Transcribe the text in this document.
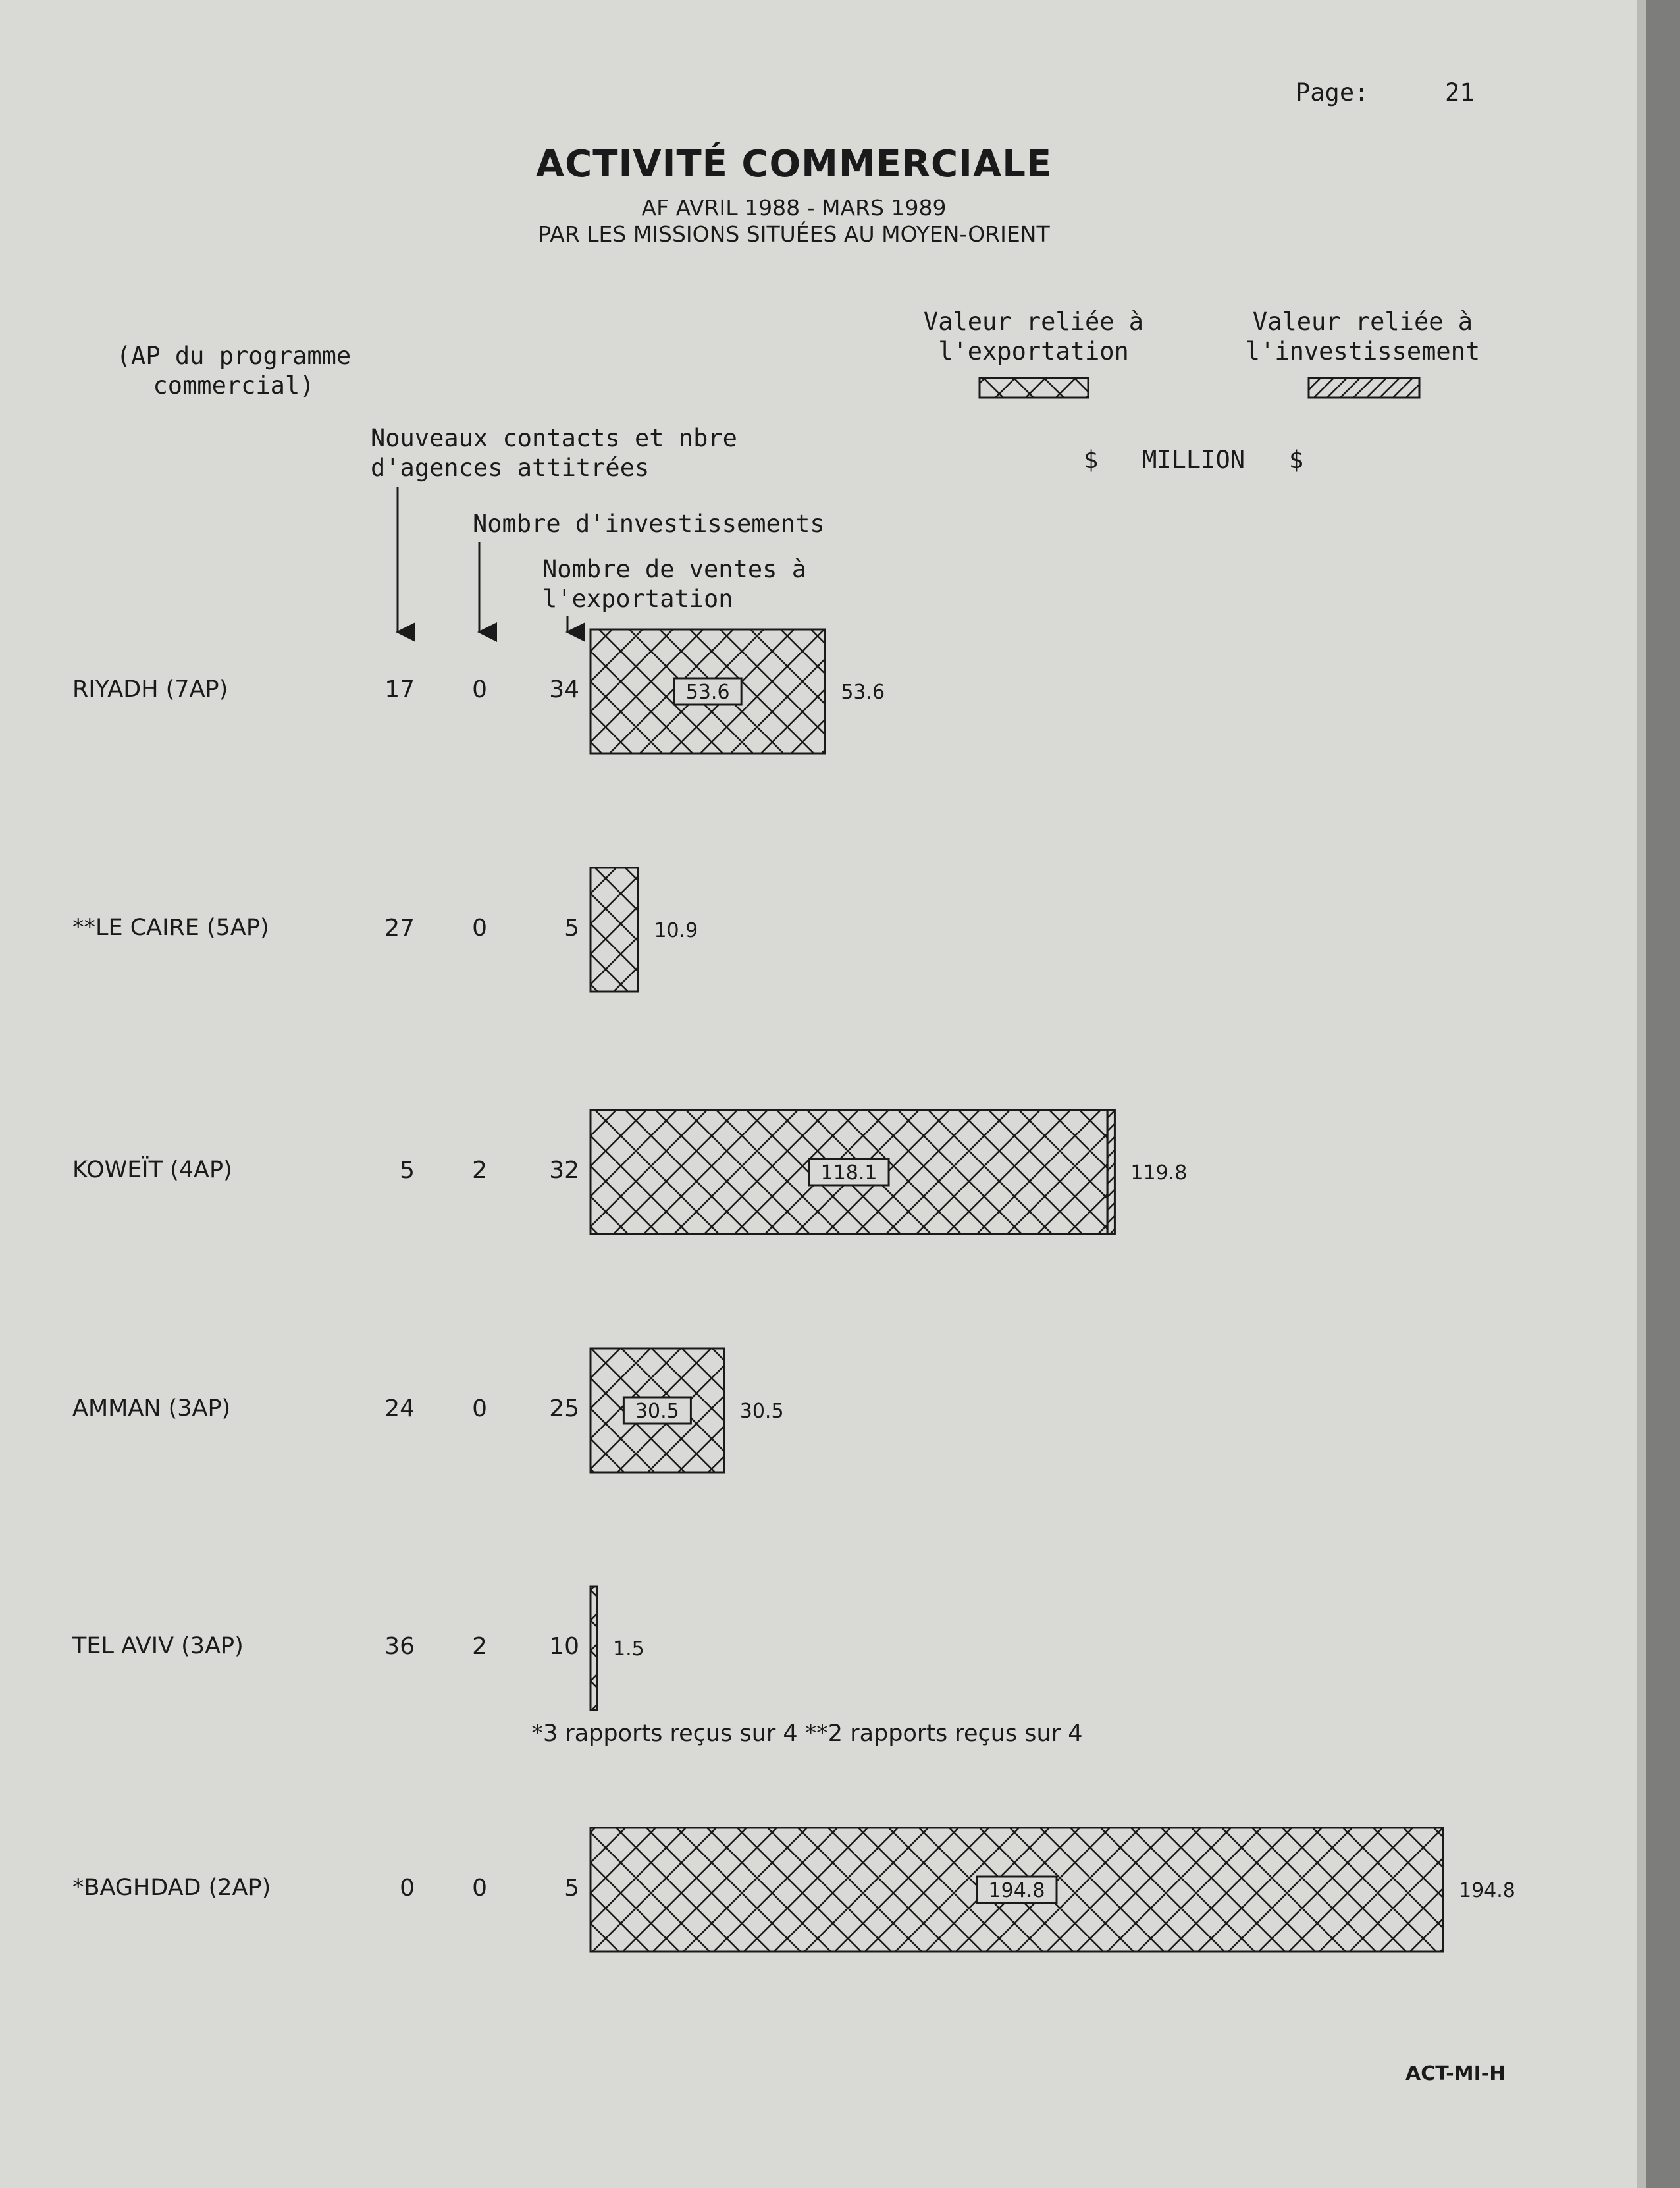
Page:	21
ACTIVITÉ COMMERCIALE
AF AVRIL 1988 - MARS 1989
PAR LES MISSIONS SITUÉES AU MOYEN-ORIENT
(AP du programme
commercial)
Valeur reliée à
l'exportation
Valeur reliée à
l'investissement
Nouveaux contacts et nbre
d'agences attitrées	$   MILLION   $
Nombre d'investissements
Nombre de ventes à
l'exportation
RIYADH (7AP)	17	0	34
**LE CAIRE (5AP)	27	0	5
KOWEÏT (4AP)	5	2	32
AMMAN (3AP)	24	0	25
TEL AVIV (3AP)	36	2	10
*BAGHDAD (2AP)	0	0	5
53.6	53.6
10.9
118.1	119.8
30.5	30.5
1.5
194.8	194.8
*3 rapports reçus sur 4 **2 rapports reçus sur 4
ACT-MI-H
